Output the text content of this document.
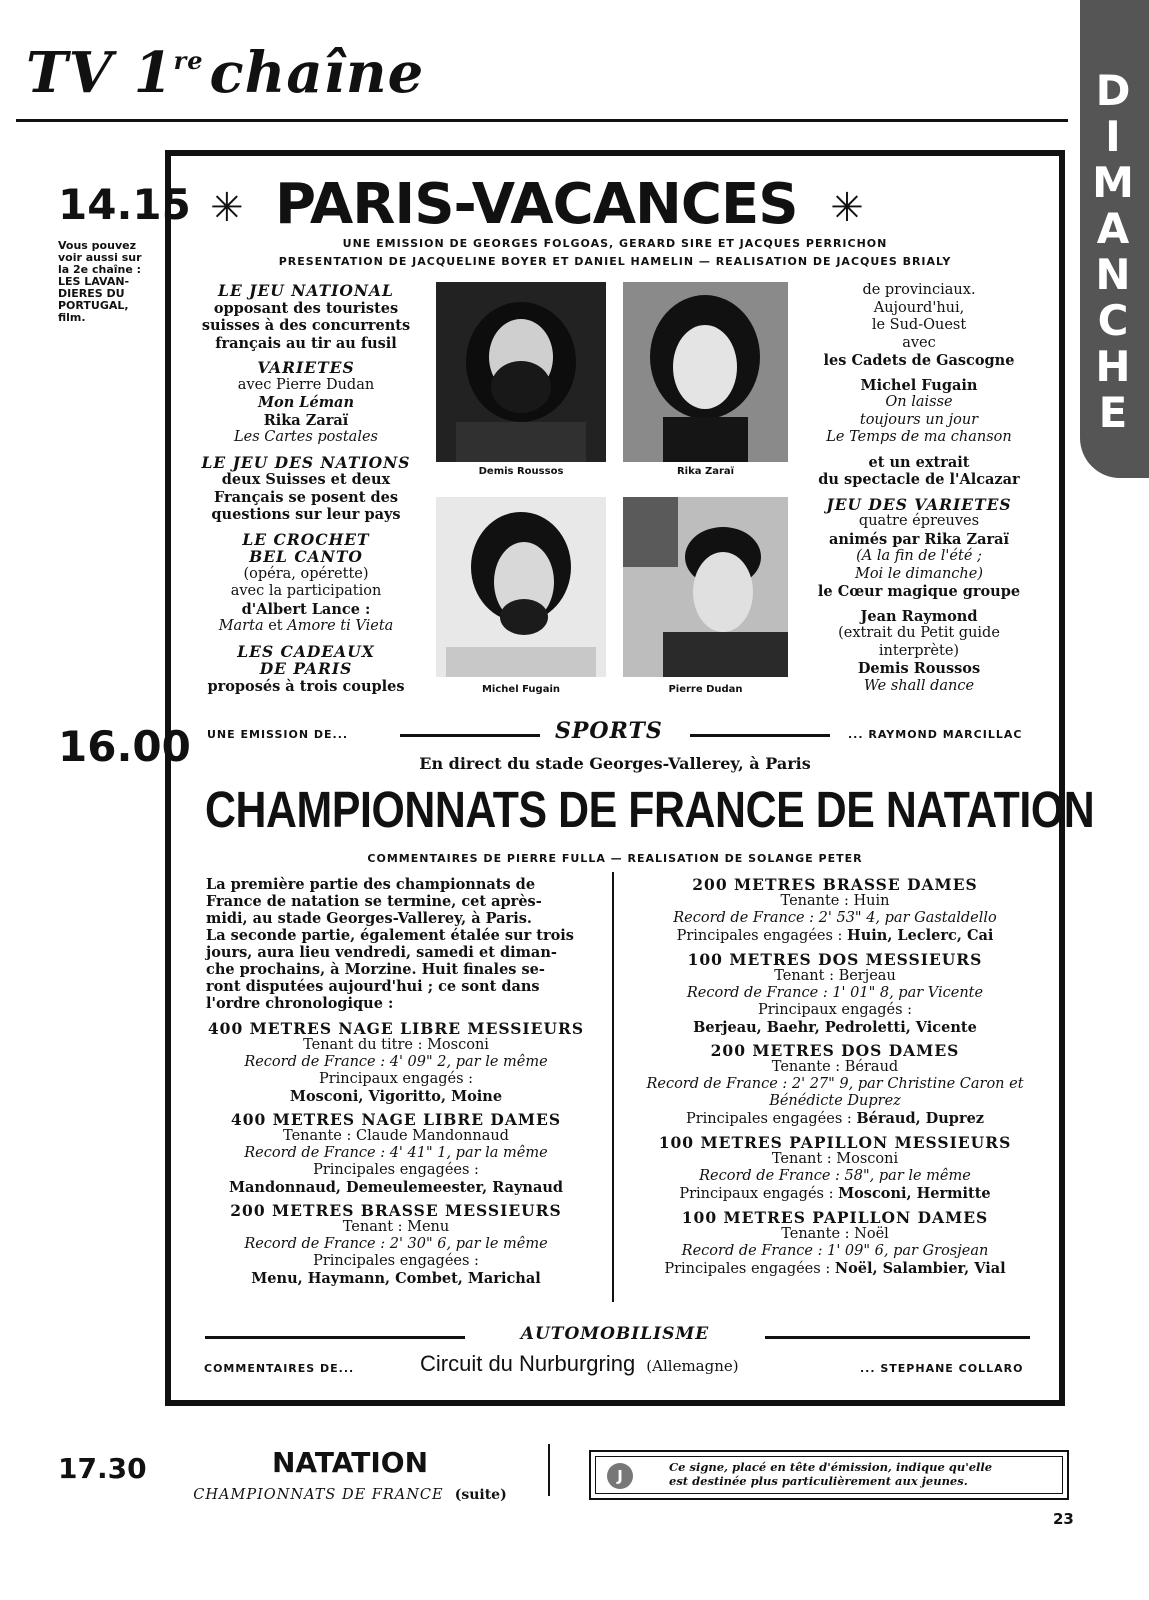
TV 1re chaîne	D
I
M
A
N
C
H
E
14.15
Vous pouvez voir aussi sur la 2e chaîne : LES LAVAN-DIERES DU PORTUGAL, film.
✳ PARIS-VACANCES ✳
UNE EMISSION DE GEORGES FOLGOAS, GERARD SIRE ET JACQUES PERRICHON
PRESENTATION DE JACQUELINE BOYER ET DANIEL HAMELIN — REALISATION DE JACQUES BRIALY
LE JEU NATIONAL
opposant des touristes
suisses à des concurrents
français au tir au fusil
VARIETES
avec Pierre Dudan
Mon Léman
Rika Zaraï
Les Cartes postales
LE JEU DES NATIONS
deux Suisses et deux
Français se posent des
questions sur leur pays
LE CROCHET
BEL CANTO
(opéra, opérette)
avec la participation
d'Albert Lance :
Marta et Amore ti Vieta
LES CADEAUX
DE PARIS
proposés à trois couples
Demis Roussos	Rika Zaraï
Michel Fugain	Pierre Dudan
de provinciaux.
Aujourd'hui,
le Sud-Ouest
avec
les Cadets de Gascogne
Michel Fugain
On laisse
toujours un jour
Le Temps de ma chanson
et un extrait
du spectacle de l'Alcazar
JEU DES VARIETES
quatre épreuves
animés par Rika Zaraï
(A la fin de l'été ;
Moi le dimanche)
le Cœur magique groupe
Jean Raymond
(extrait du Petit guide
interprète)
Demis Roussos
We shall dance
16.00 UNE EMISSION DE...	SPORTS	... RAYMOND MARCILLAC
En direct du stade Georges-Vallerey, à Paris
CHAMPIONNATS DE FRANCE DE NATATION
COMMENTAIRES DE PIERRE FULLA — REALISATION DE SOLANGE PETER
La première partie des championnats de
France de natation se termine, cet après-
midi, au stade Georges-Vallerey, à Paris.
La seconde partie, également étalée sur trois
jours, aura lieu vendredi, samedi et diman-
che prochains, à Morzine. Huit finales se-
ront disputées aujourd'hui ; ce sont dans
l'ordre chronologique :
400 METRES NAGE LIBRE MESSIEURS
Tenant du titre : Mosconi
Record de France : 4' 09" 2, par le même
Principaux engagés :
Mosconi, Vigoritto, Moine
400 METRES NAGE LIBRE DAMES
Tenante : Claude Mandonnaud
Record de France : 4' 41" 1, par la même
Principales engagées :
Mandonnaud, Demeulemeester, Raynaud
200 METRES BRASSE MESSIEURS
Tenant : Menu
Record de France : 2' 30" 6, par le même
Principales engagées :
Menu, Haymann, Combet, Marichal
200 METRES BRASSE DAMES
Tenante : Huin
Record de France : 2' 53" 4, par Gastaldello
Principales engagées : Huin, Leclerc, Cai
100 METRES DOS MESSIEURS
Tenant : Berjeau
Record de France : 1' 01" 8, par Vicente
Principaux engagés :
Berjeau, Baehr, Pedroletti, Vicente
200 METRES DOS DAMES
Tenante : Béraud
Record de France : 2' 27" 9, par Christine Caron et Bénédicte Duprez
Principales engagées : Béraud, Duprez
100 METRES PAPILLON MESSIEURS
Tenant : Mosconi
Record de France : 58", par le même
Principaux engagés : Mosconi, Hermitte
100 METRES PAPILLON DAMES
Tenante : Noël
Record de France : 1' 09" 6, par Grosjean
Principales engagées : Noël, Salambier, Vial
AUTOMOBILISME
COMMENTAIRES DE...	Circuit du Nurburgring (Allemagne)	... STEPHANE COLLARO
17.30	NATATION
CHAMPIONNATS DE FRANCE (suite)
J	Ce signe, placé en tête d'émission, indique qu'elle
est destinée plus particulièrement aux jeunes.
23
